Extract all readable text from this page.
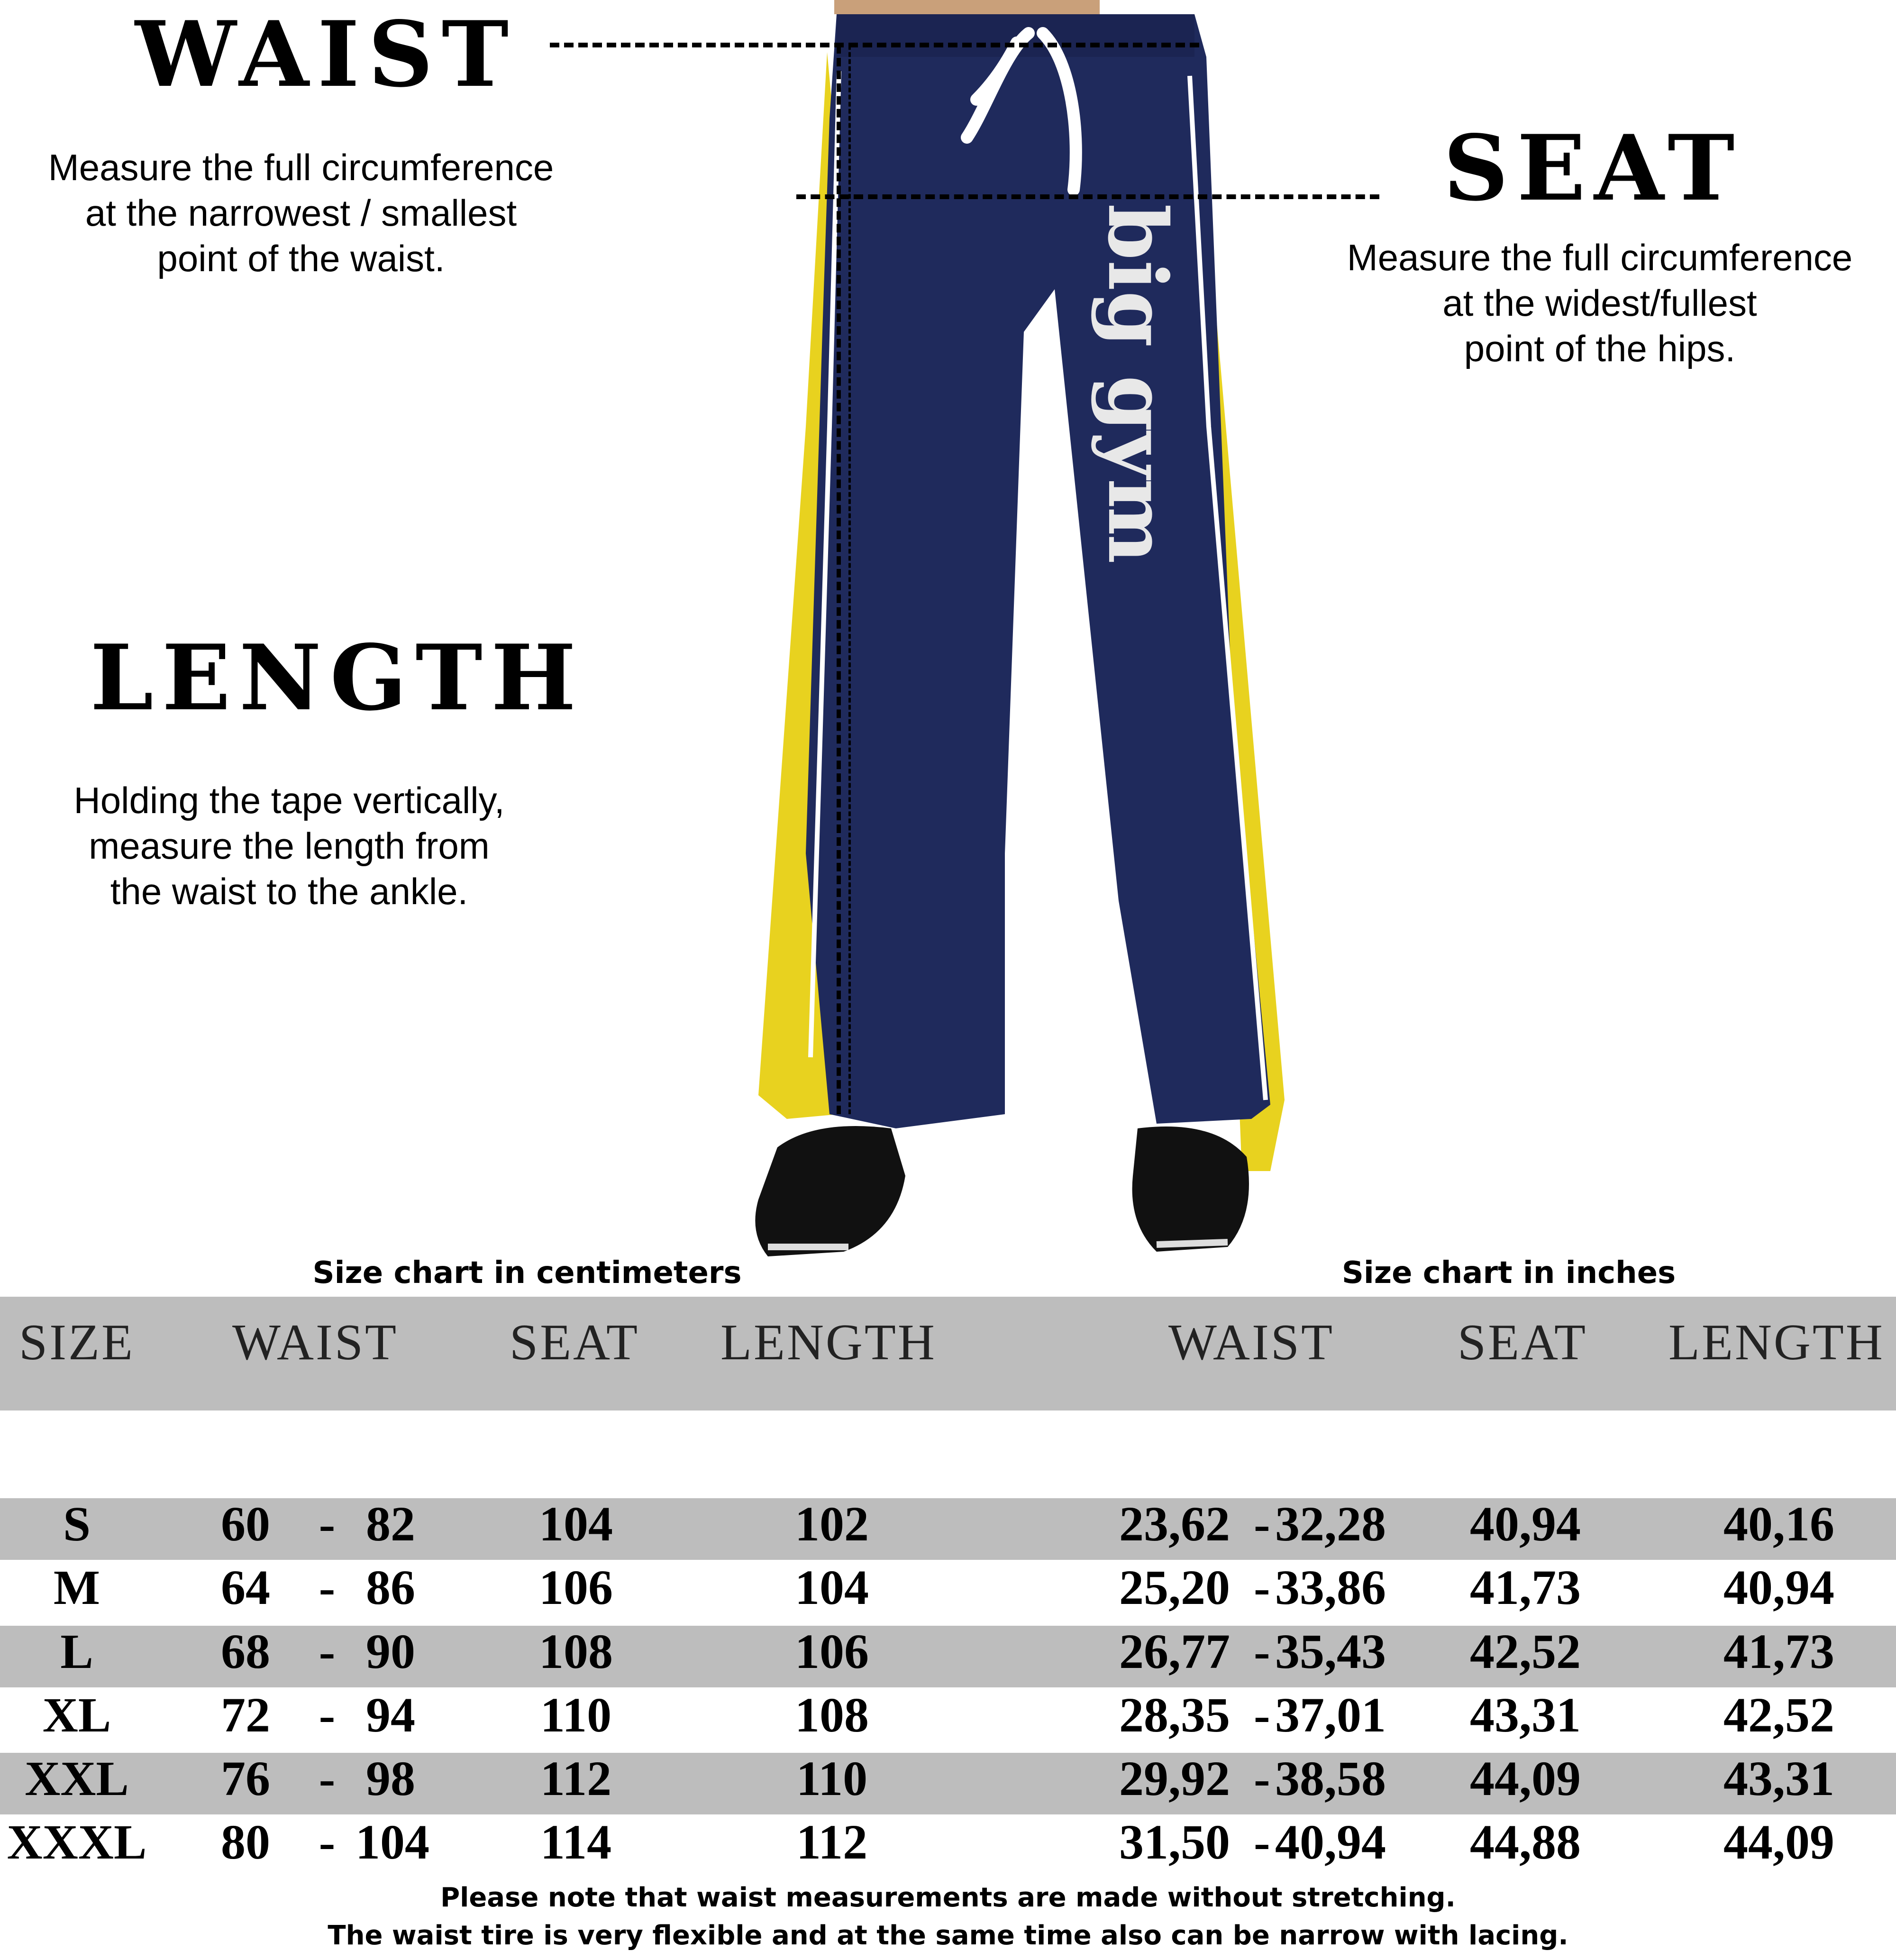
WAIST
Measure the full circumference
at the narrowest / smallest
point of the waist.
SEAT
Measure the full circumference
at the widest/fullest
point of the hips.
LENGTH
Holding the tape vertically,
measure the length from
the waist to the ankle.
big gym
Size chart in centimeters	Size chart in inches
SIZE WAIST SEAT LENGTH	WAIST SEAT LENGTH
S	60 - 82	104	102	23,62 - 32,28 40,94	40,16
M 64 - 86	106	104	25,20 - 33,86 41,73	40,94
L	68 - 90	108	106	26,77 - 35,43 42,52	41,73
XL 72 - 94	110	108	28,35 - 37,01 43,31	42,52
XXL 76 - 98	112	110	29,92 - 38,58 44,09	43,31
XXXL 80 - 104 114	112	31,50 - 40,94 44,88	44,09
Please note that waist measurements are made without stretching.
The waist tire is very flexible and at the same time also can be narrow with lacing.
